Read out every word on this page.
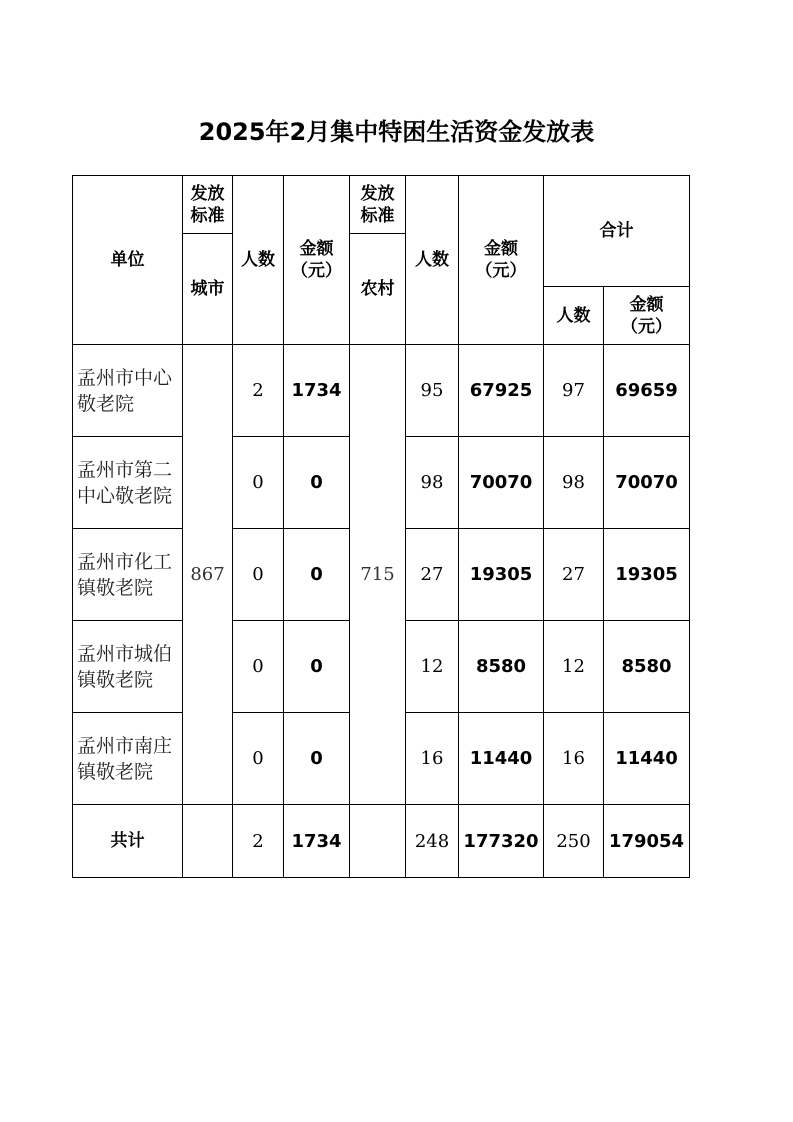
2025年2月集中特困生活资金发放表
单位	发放标准	人数	金额（元）	发放标准	人数	金额（元）	合计	
	城市			农村				

							人数	金额（元）

孟州市中心敬老院	867	2	1734	715	95	67925	97	69659
孟州市第二中心敬老院		0	0		98	70070	98	70070
孟州市化工镇敬老院		0	0		27	19305	27	19305
孟州市城伯镇敬老院		0	0		12	8580	12	8580
孟州市南庄镇敬老院		0	0		16	11440	16	11440
共计		2	1734		248	177320	250	179054
